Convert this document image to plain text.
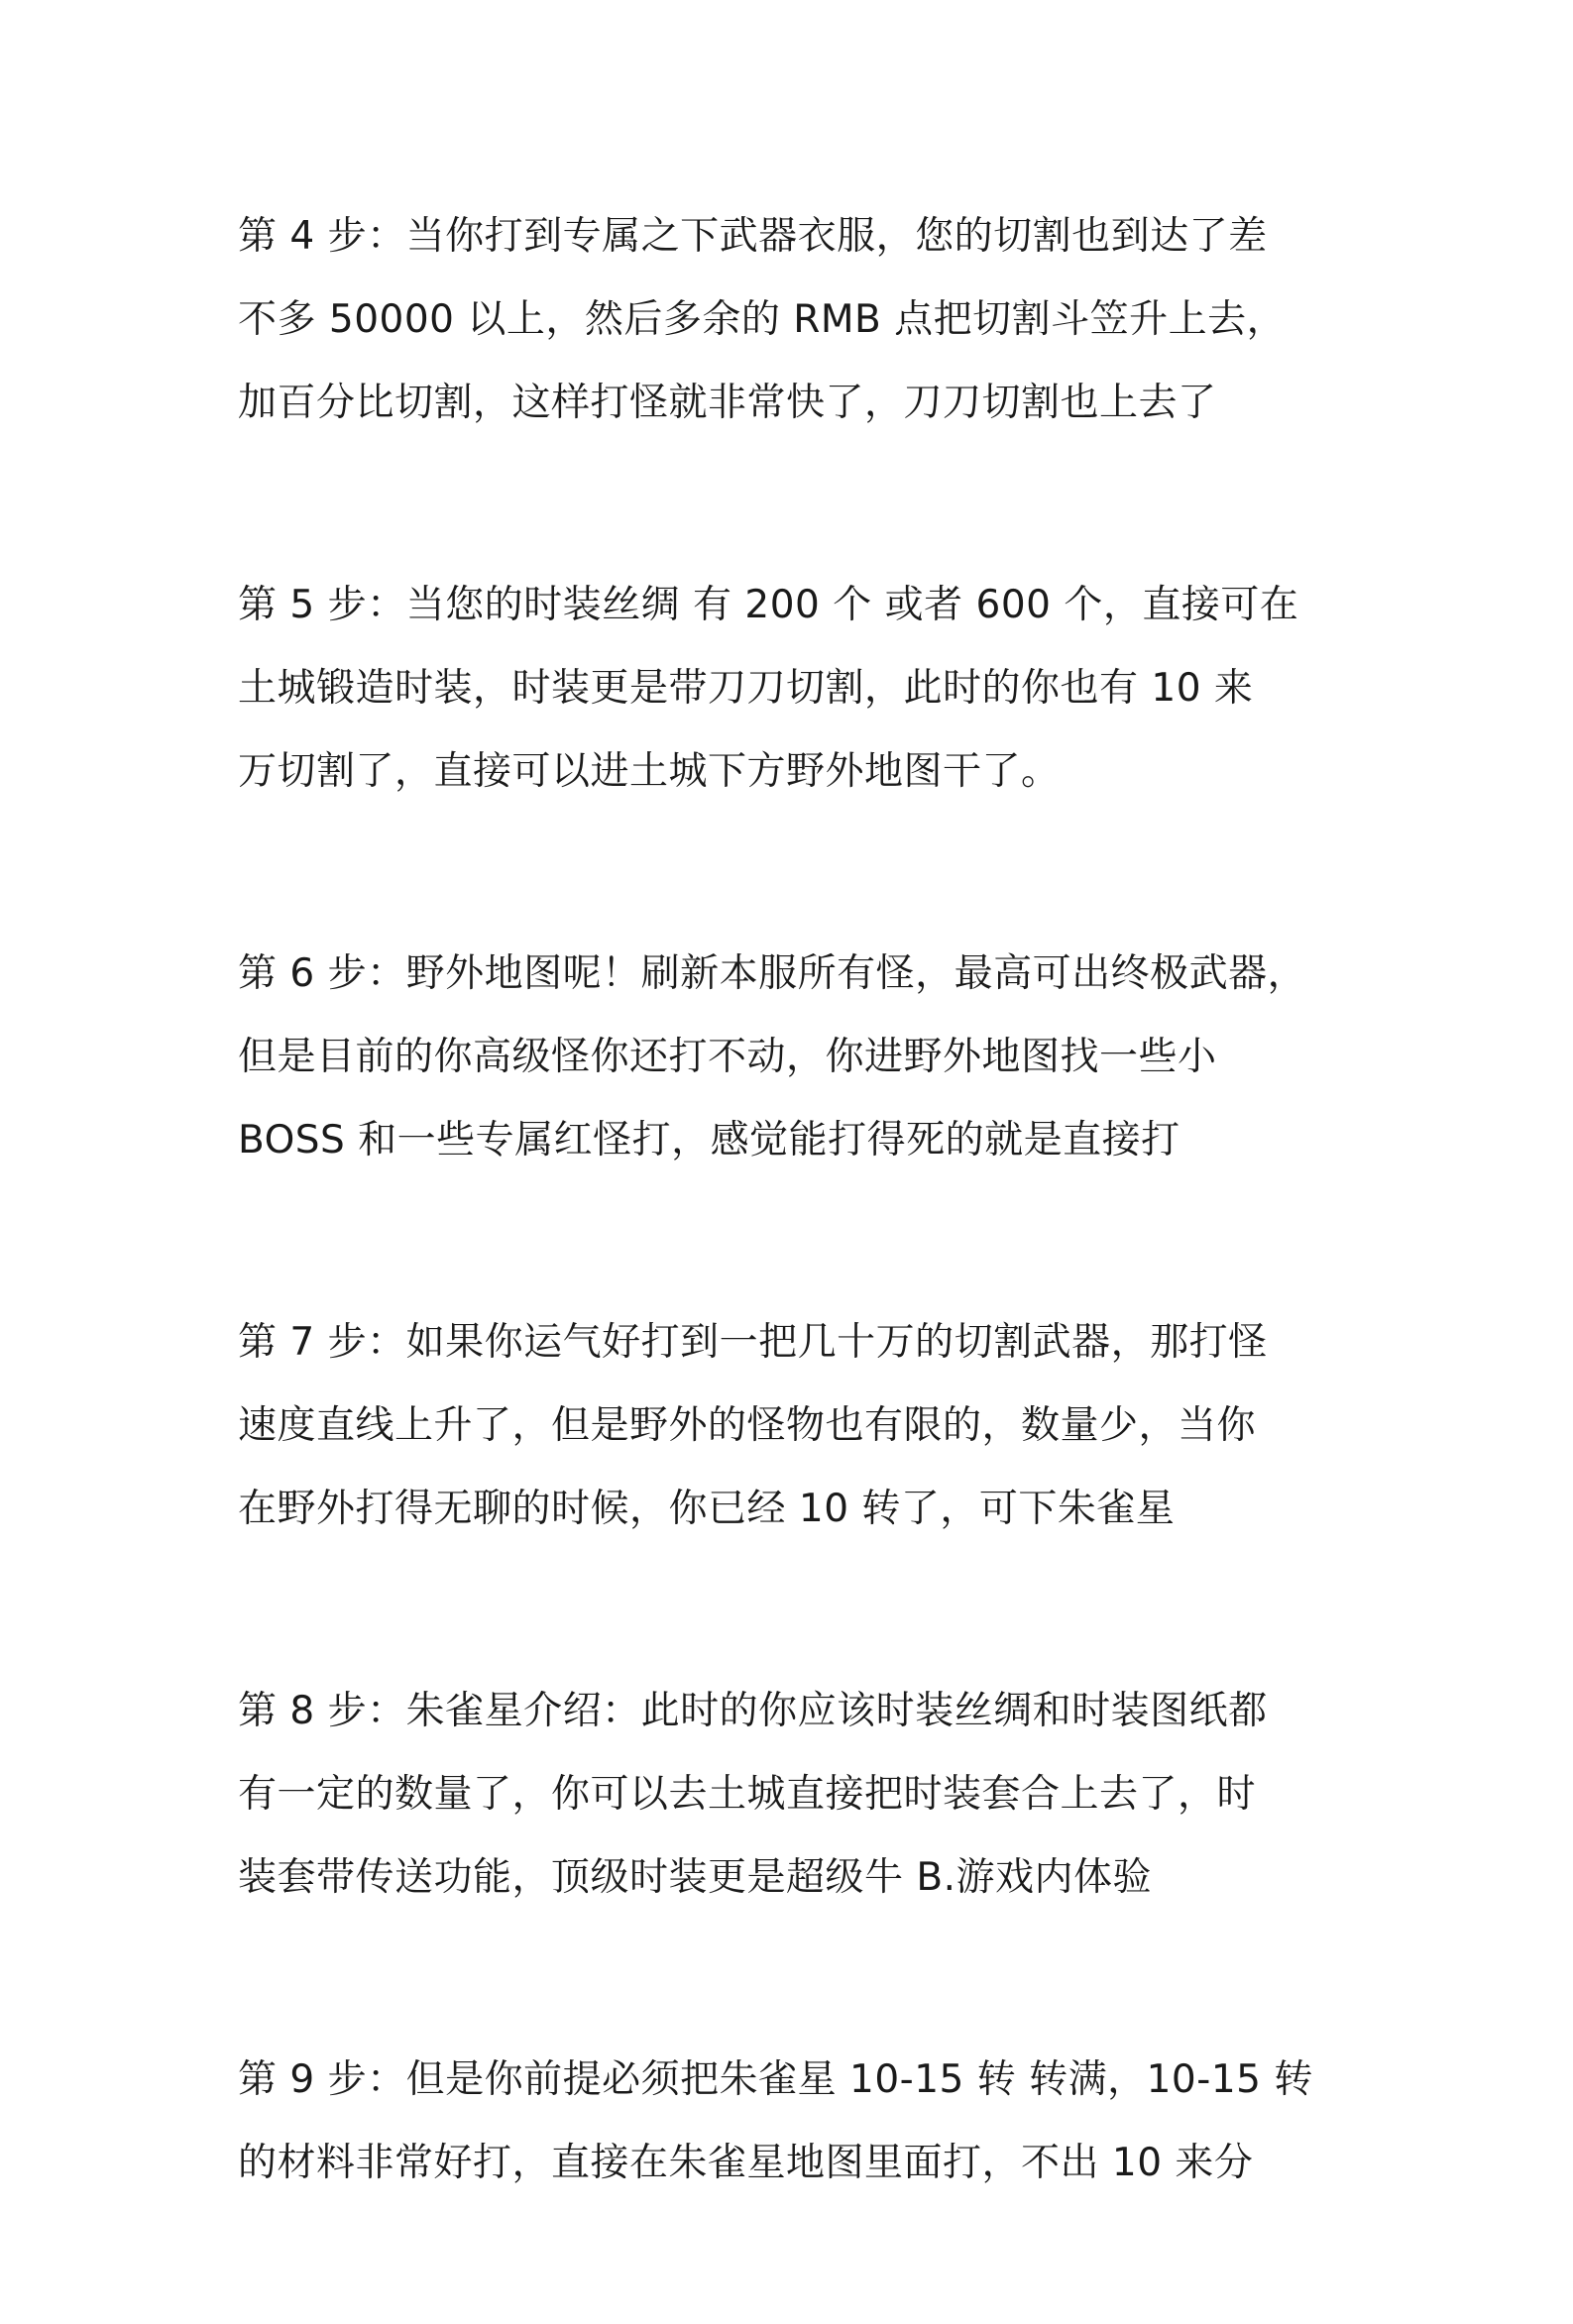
第 4 步：当你打到专属之下武器衣服，您的切割也到达了差
不多 50000 以上，然后多余的 RMB 点把切割斗笠升上去，
加百分比切割，这样打怪就非常快了，刀刀切割也上去了
第 5 步：当您的时装丝绸 有 200 个 或者 600 个，直接可在
土城锻造时装，时装更是带刀刀切割，此时的你也有 10 来
万切割了，直接可以进土城下方野外地图干了。
第 6 步：野外地图呢！刷新本服所有怪，最高可出终极武器，
但是目前的你高级怪你还打不动，你进野外地图找一些小
BOSS 和一些专属红怪打，感觉能打得死的就是直接打
第 7 步：如果你运气好打到一把几十万的切割武器，那打怪
速度直线上升了，但是野外的怪物也有限的，数量少，当你
在野外打得无聊的时候，你已经 10 转了，可下朱雀星
第 8 步：朱雀星介绍：此时的你应该时装丝绸和时装图纸都
有一定的数量了，你可以去土城直接把时装套合上去了，时
装套带传送功能，顶级时装更是超级牛 B.游戏内体验
第 9 步：但是你前提必须把朱雀星 10-15 转 转满，10-15 转
的材料非常好打，直接在朱雀星地图里面打，不出 10 来分
